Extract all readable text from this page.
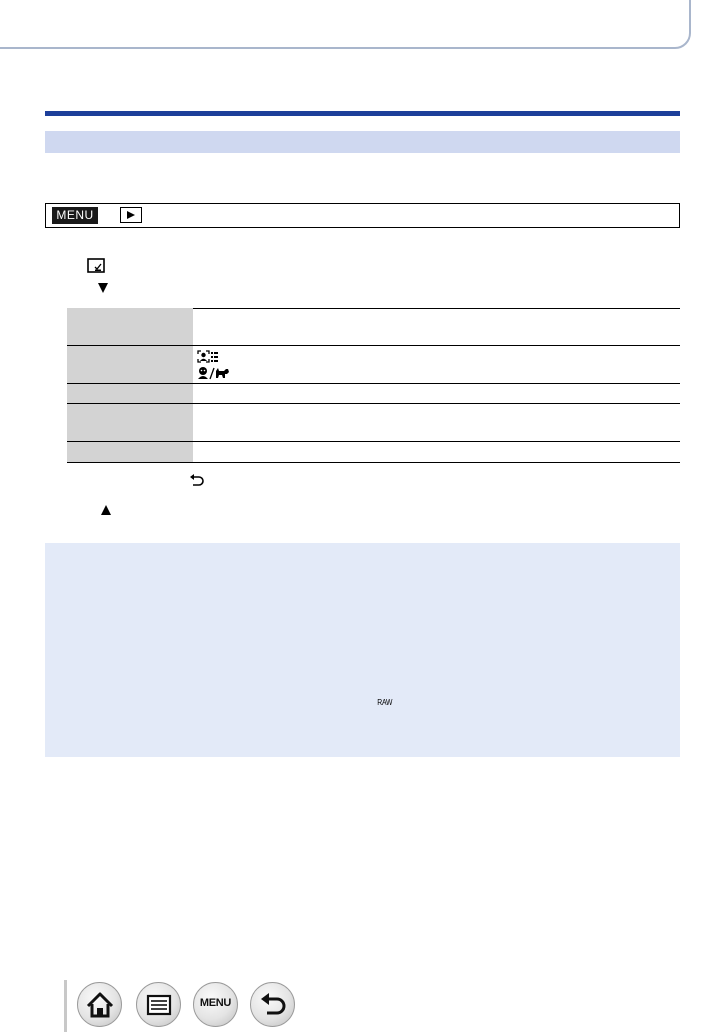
MENU
RAW
MENU
